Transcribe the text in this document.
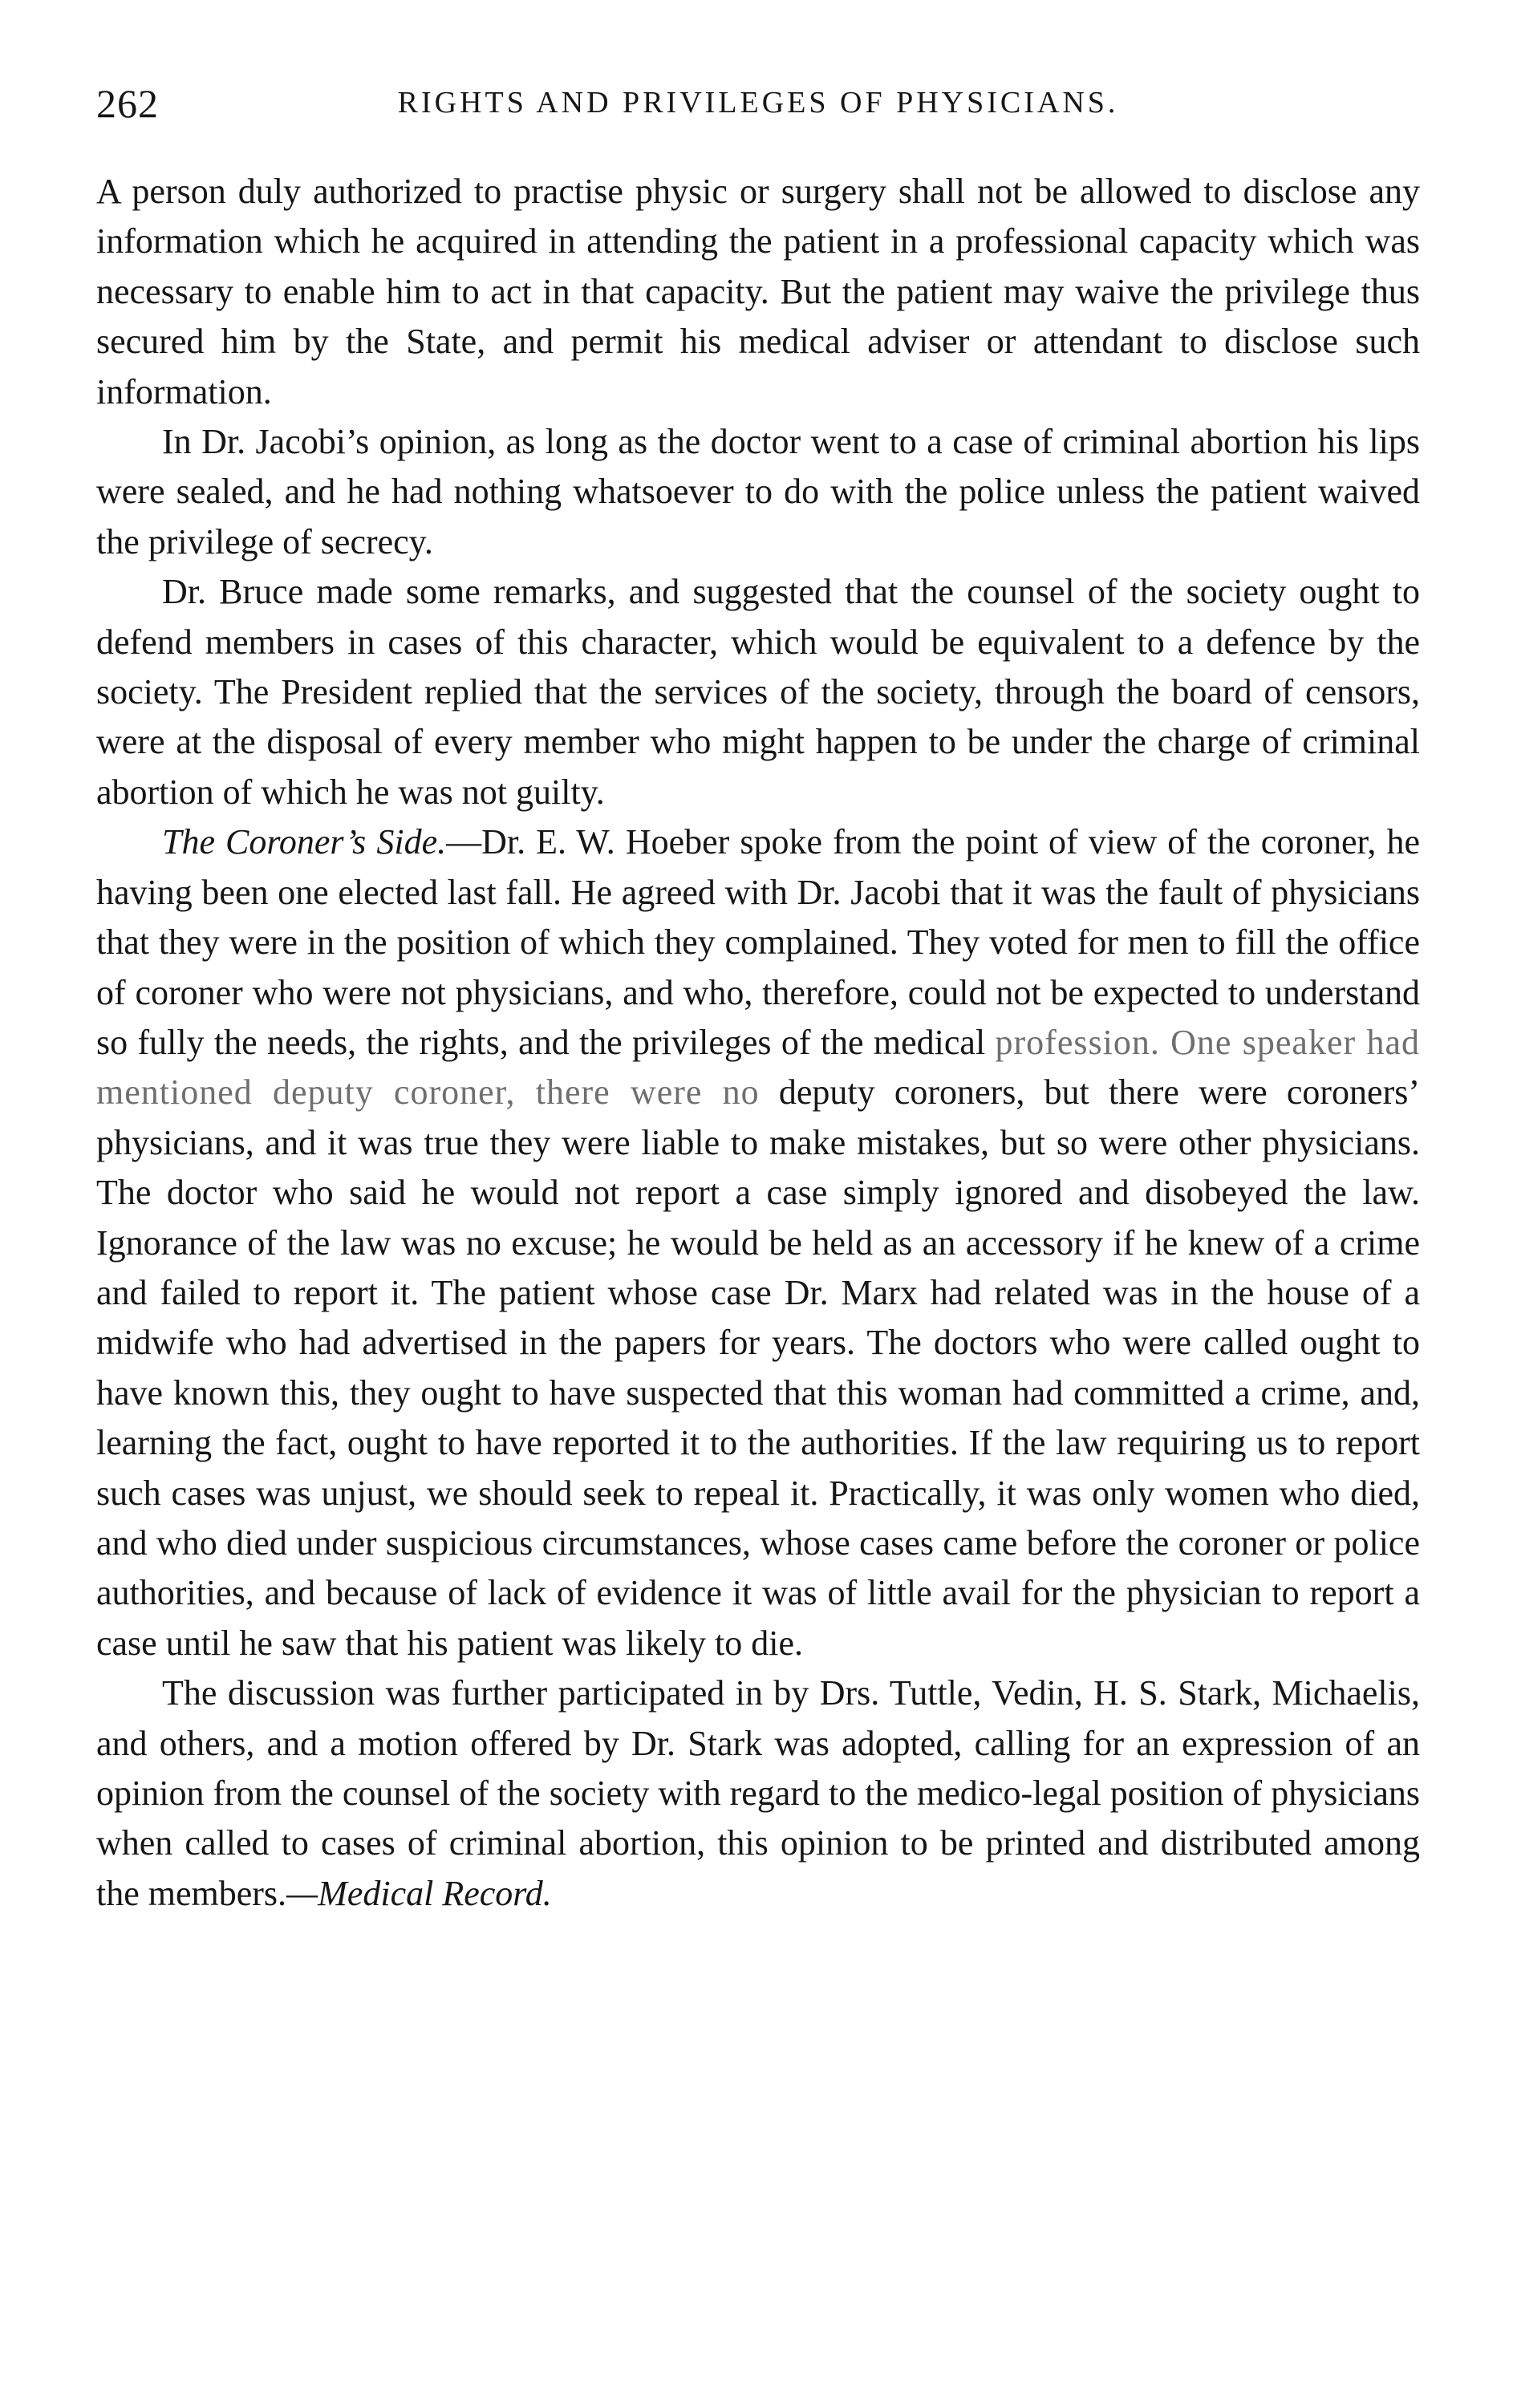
262	RIGHTS AND PRIVILEGES OF PHYSICIANS.

A person duly authorized to practise physic or surgery shall not be allowed to disclose any information which he acquired in attending the patient in a professional capacity which was necessary to enable him to act in that capacity. But the patient may waive the privilege thus secured him by the State, and permit his medical adviser or attendant to disclose such information.

In Dr. Jacobi’s opinion, as long as the doctor went to a case of criminal abortion his lips were sealed, and he had nothing whatsoever to do with the police unless the patient waived the privilege of secrecy.

Dr. Bruce made some remarks, and suggested that the counsel of the society ought to defend members in cases of this character, which would be equivalent to a defence by the society. The President replied that the services of the society, through the board of censors, were at the disposal of every member who might happen to be under the charge of criminal abortion of which he was not guilty.

The Coroner’s Side.—Dr. E. W. Hoeber spoke from the point of view of the coroner, he having been one elected last fall. He agreed with Dr. Jacobi that it was the fault of physicians that they were in the position of which they complained. They voted for men to fill the office of coroner who were not physicians, and who, therefore, could not be expected to understand so fully the needs, the rights, and the privileges of the medical profession. One speaker had mentioned deputy coroner, there were no deputy coroners, but there were coroners’ physicians, and it was true they were liable to make mistakes, but so were other physicians. The doctor who said he would not report a case simply ignored and disobeyed the law. Ignorance of the law was no excuse; he would be held as an accessory if he knew of a crime and failed to report it. The patient whose case Dr. Marx had related was in the house of a midwife who had advertised in the papers for years. The doctors who were called ought to have known this, they ought to have suspected that this woman had committed a crime, and, learning the fact, ought to have reported it to the authorities. If the law requiring us to report such cases was unjust, we should seek to repeal it. Practically, it was only women who died, and who died under suspicious circumstances, whose cases came before the coroner or police authorities, and because of lack of evidence it was of little avail for the physician to report a case until he saw that his patient was likely to die.

The discussion was further participated in by Drs. Tuttle, Vedin, H. S. Stark, Michaelis, and others, and a motion offered by Dr. Stark was adopted, calling for an expression of an opinion from the counsel of the society with regard to the medico-legal position of physicians when called to cases of criminal abortion, this opinion to be printed and distributed among the members.—Medical Record.
